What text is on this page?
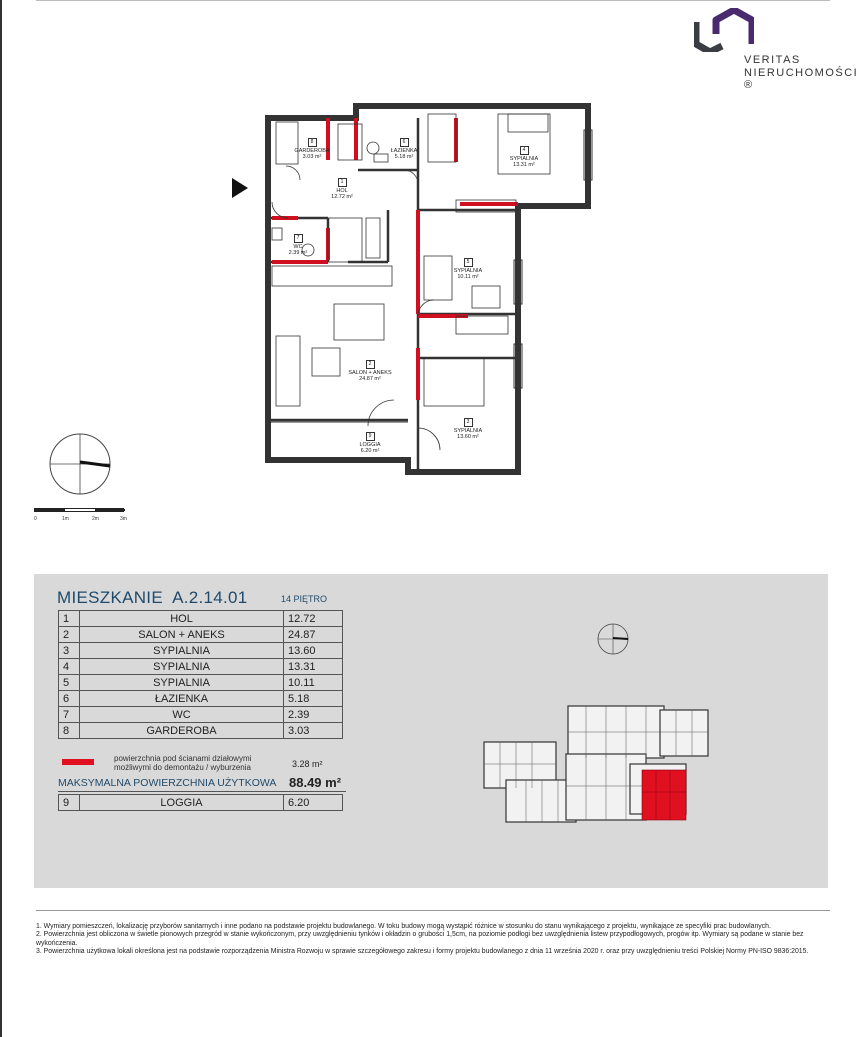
VERITAS
NIERUCHOMOŚCI ®
1
HOL
12.72 m²
2
SALON + ANEKS
24.87 m²
3
SYPIALNIA
13.60 m²
4
SYPIALNIA
13.31 m²
5
SYPIALNIA
10.11 m²
6
ŁAZIENKA
5.18 m²
7
WC
2.39 m²
8
GARDEROBA
3.03 m²
9
LOGGIA
6.20 m²
0	1m	2m	3m
MIESZKANIE  A.2.14.01	14 PIĘTRO
1	HOL	12.72
2	SALON + ANEKS	24.87
3	SYPIALNIA	13.60
4	SYPIALNIA	13.31
5	SYPIALNIA	10.11
6	ŁAZIENKA	5.18
7	WC	2.39
8	GARDEROBA	3.03
powierzchnia pod ścianami działowymi możliwymi do demontażu / wyburzenia	3.28 m²
MAKSYMALNA POWIERZCHNIA UŻYTKOWA 88.49 m²
9	LOGGIA	6.20

1. Wymiary pomieszczeń, lokalizację przyborów sanitarnych i inne podano na podstawie projektu budowlanego. W toku budowy mogą wystąpić różnice w stosunku do stanu wynikającego z projektu, wynikające ze specyfiki prac budowlanych.

2. Powierzchnia jest obliczona w świetle pionowych przegród w stanie wykończonym, przy uwzględnieniu tynków i okładzin o grubości 1,5cm, na poziomie podłogi bez uwzględnienia listew przypodłogowych, progów itp. Wymiary są podane w stanie bez wykończenia.

3. Powierzchnia użytkowa lokali określona jest na podstawie rozporządzenia Ministra Rozwoju w sprawie szczegółowego zakresu i formy projektu budowlanego z dnia 11 września 2020 r. oraz przy uwzględnieniu treści Polskiej Normy PN-ISO 9836:2015.
